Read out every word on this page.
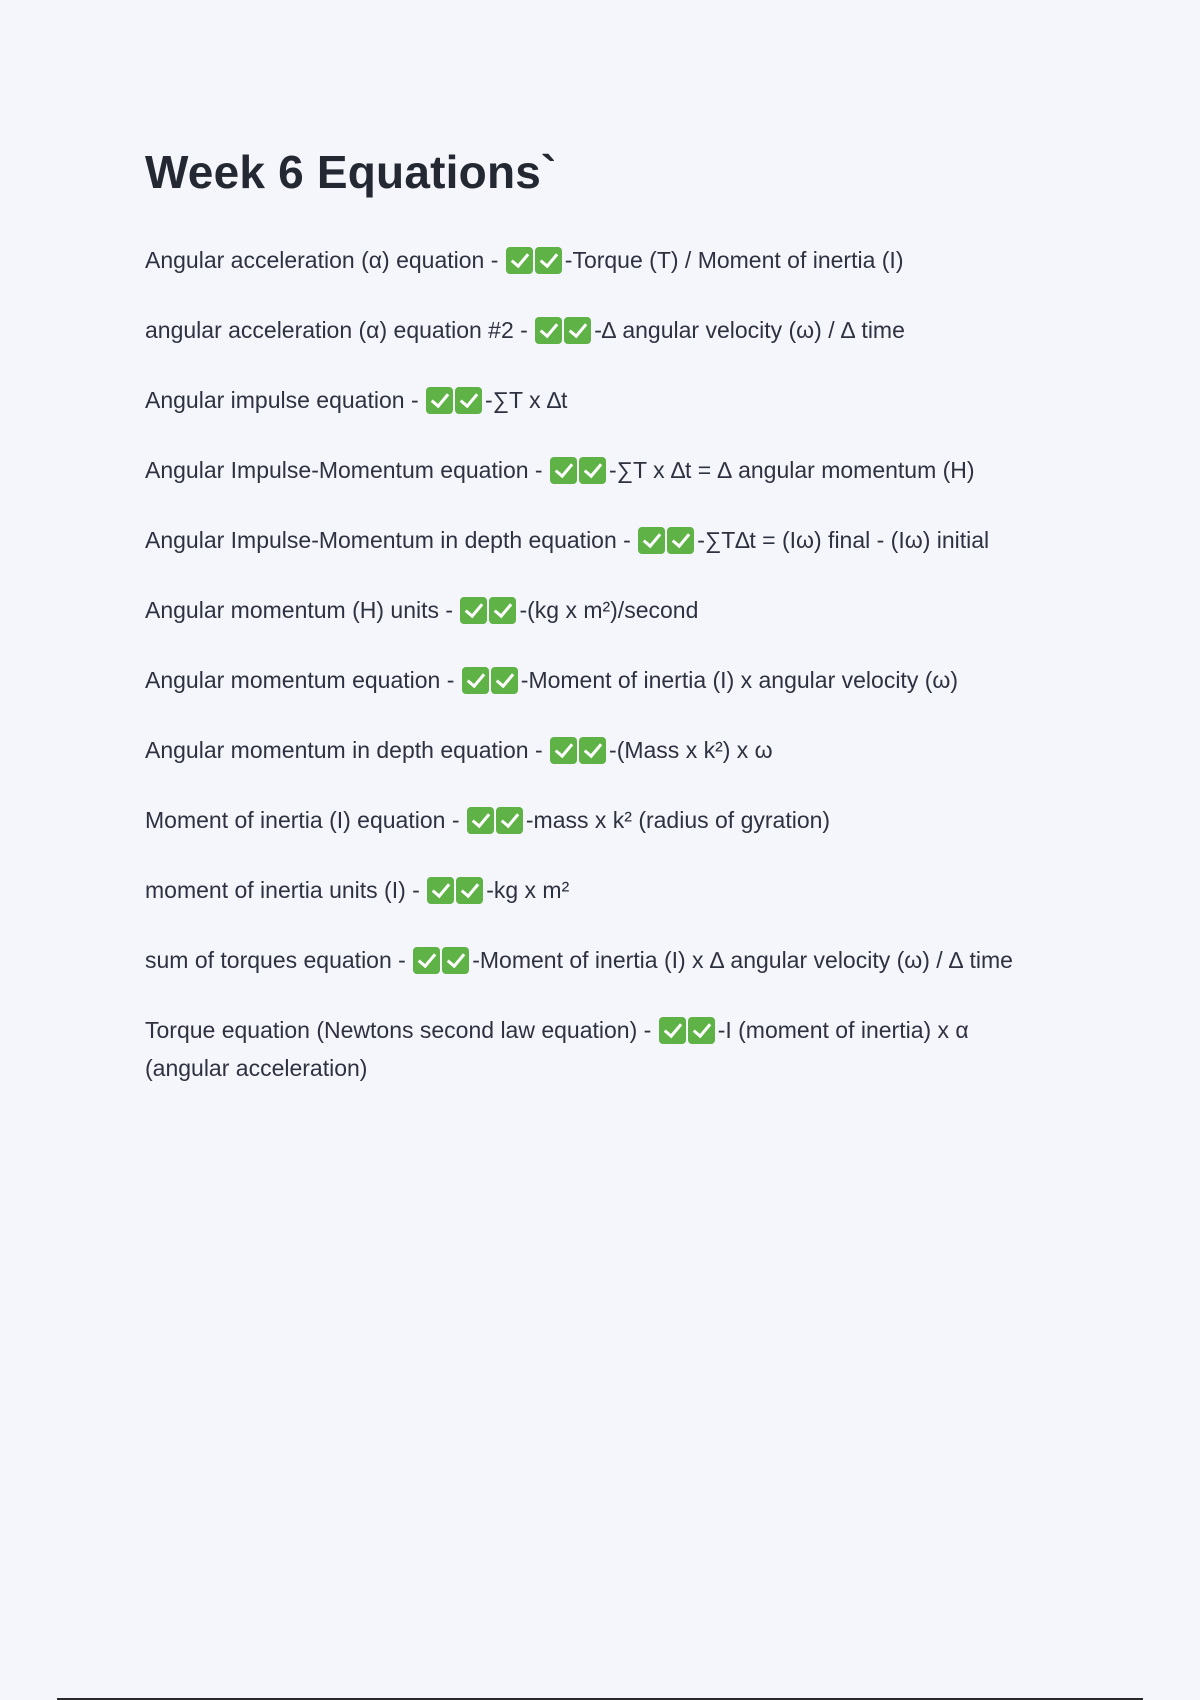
Week 6 Equations`

Angular acceleration (α) equation -	-Torque (T) / Moment of inertia (I)

angular acceleration (α) equation #2 -	-∆ angular velocity (ω) / ∆ time

Angular impulse equation -	-∑T x ∆t

Angular Impulse-Momentum equation -	-∑T x ∆t = ∆ angular momentum (H)

Angular Impulse-Momentum in depth equation -	-∑T∆t = (Iω) final - (Iω) initial

Angular momentum (H) units -	-(kg x m²)/second

Angular momentum equation -	-Moment of inertia (I) x angular velocity (ω)

Angular momentum in depth equation -	-(Mass x k²) x ω

Moment of inertia (I) equation -	-mass x k² (radius of gyration)

moment of inertia units (I) -	-kg x m²

sum of torques equation -	-Moment of inertia (I) x ∆ angular velocity (ω) / ∆ time

Torque equation (Newtons second law equation) -	-I (moment of inertia) x α (angular acceleration)
